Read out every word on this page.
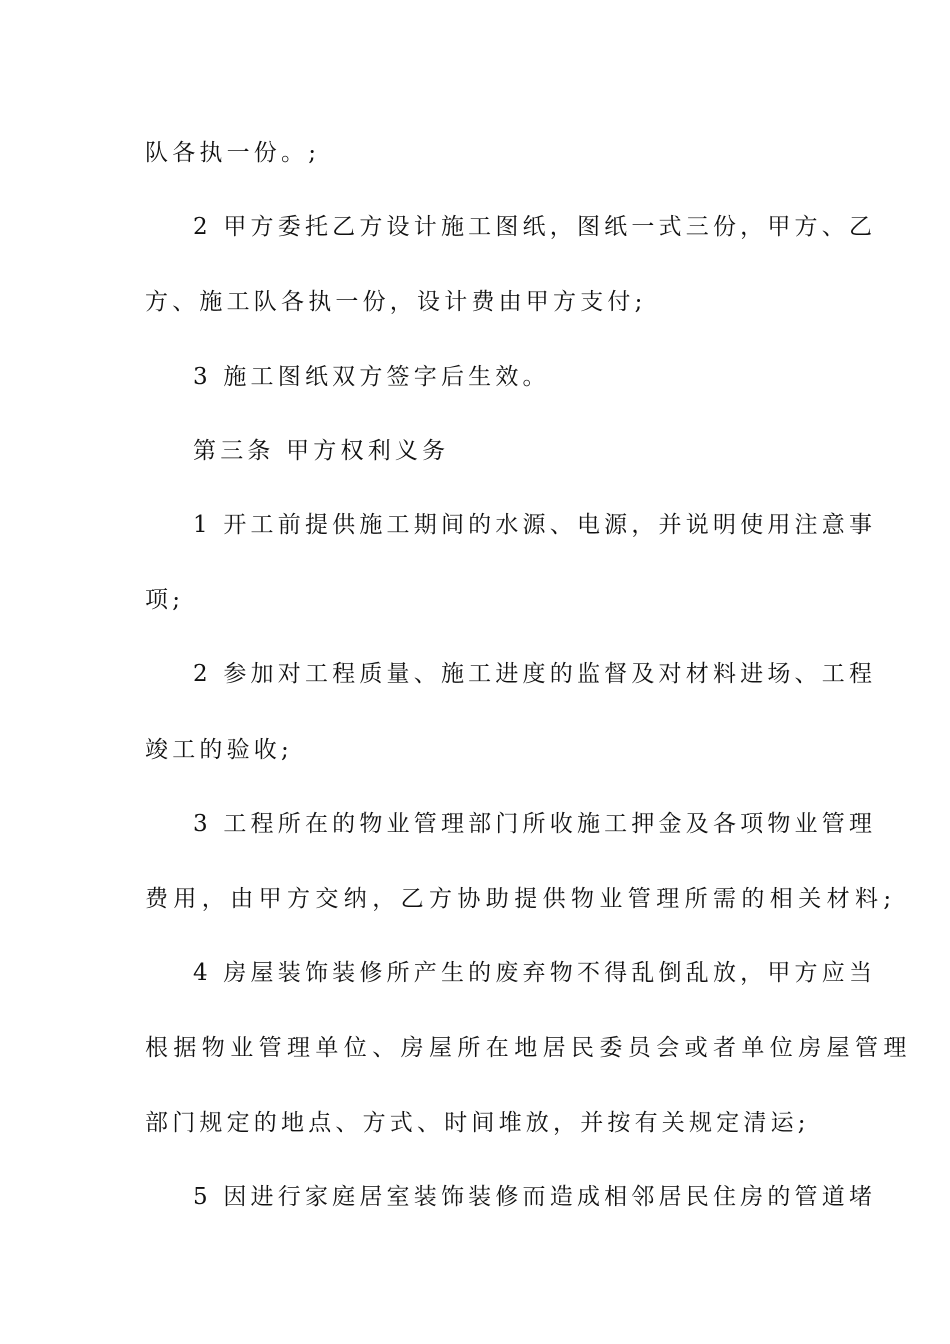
队各执一份。;
2 甲方委托乙方设计施工图纸，图纸一式三份，甲方、乙
方、施工队各执一份，设计费由甲方支付;
3 施工图纸双方签字后生效。
第三条 甲方权利义务
1 开工前提供施工期间的水源、电源，并说明使用注意事
项;
2 参加对工程质量、施工进度的监督及对材料进场、工程
竣工的验收;
3 工程所在的物业管理部门所收施工押金及各项物业管理
费用，由甲方交纳，乙方协助提供物业管理所需的相关材料;
4 房屋装饰装修所产生的废弃物不得乱倒乱放，甲方应当
根据物业管理单位、房屋所在地居民委员会或者单位房屋管理
部门规定的地点、方式、时间堆放，并按有关规定清运;
5 因进行家庭居室装饰装修而造成相邻居民住房的管道堵
